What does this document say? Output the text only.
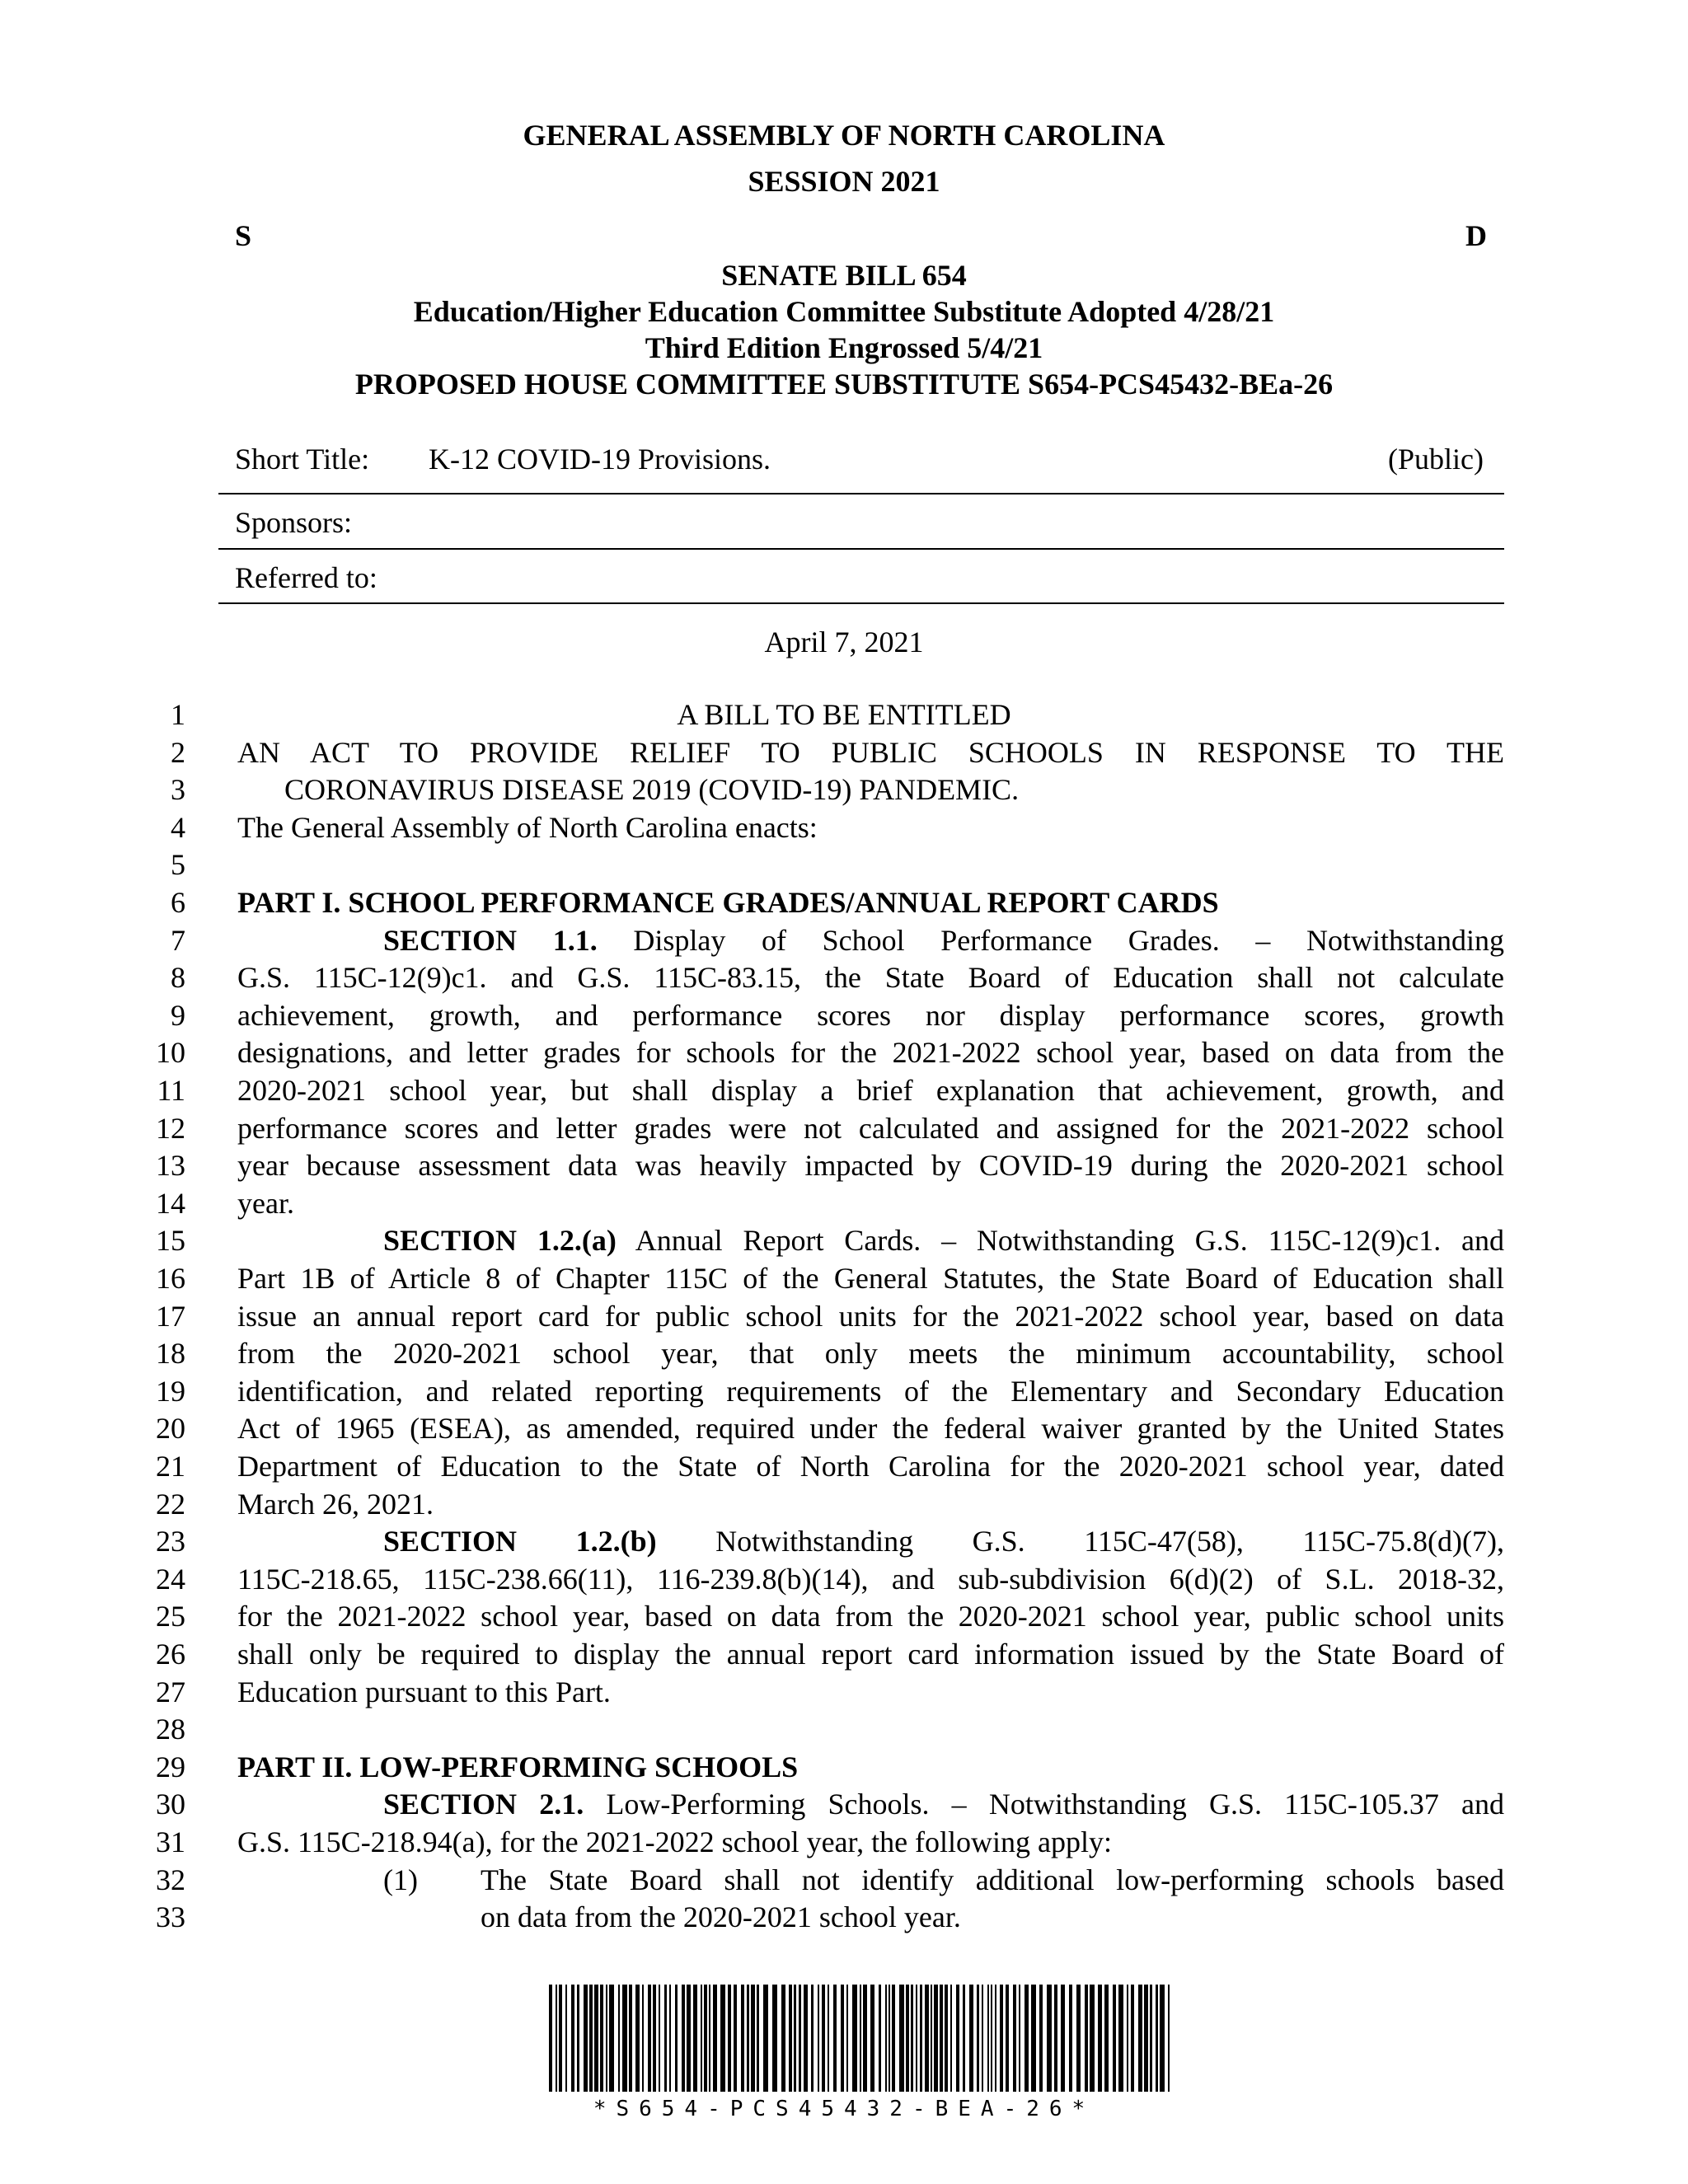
GENERAL ASSEMBLY OF NORTH CAROLINA
SESSION 2021
S	D
SENATE BILL 654
Education/Higher Education Committee Substitute Adopted 4/28/21
Third Edition Engrossed 5/4/21
PROPOSED HOUSE COMMITTEE SUBSTITUTE S654-PCS45432-BEa-26
Short Title: K-12 COVID-19 Provisions.	(Public)
Sponsors:
Referred to:
April 7, 2021
1	A BILL TO BE ENTITLED
2 AN ACT TO PROVIDE RELIEF TO PUBLIC SCHOOLS IN RESPONSE TO THE
3	CORONAVIRUS DISEASE 2019 (COVID-19) PANDEMIC.
4 The General Assembly of North Carolina enacts:
5
6 PART I. SCHOOL PERFORMANCE GRADES/ANNUAL REPORT CARDS
7	SECTION 1.1. Display of School Performance Grades. – Notwithstanding
8 G.S. 115C-12(9)c1. and G.S. 115C-83.15, the State Board of Education shall not calculate
9 achievement, growth, and performance scores nor display performance scores, growth
10 designations, and letter grades for schools for the 2021-2022 school year, based on data from the
11 2020-2021 school year, but shall display a brief explanation that achievement, growth, and
12 performance scores and letter grades were not calculated and assigned for the 2021-2022 school
13 year because assessment data was heavily impacted by COVID-19 during the 2020-2021 school
14 year.
15	SECTION 1.2.(a) Annual Report Cards. – Notwithstanding G.S. 115C-12(9)c1. and
16 Part 1B of Article 8 of Chapter 115C of the General Statutes, the State Board of Education shall
17 issue an annual report card for public school units for the 2021-2022 school year, based on data
18 from the 2020-2021 school year, that only meets the minimum accountability, school
19 identification, and related reporting requirements of the Elementary and Secondary Education
20 Act of 1965 (ESEA), as amended, required under the federal waiver granted by the United States
21 Department of Education to the State of North Carolina for the 2020-2021 school year, dated
22 March 26, 2021.
23	SECTION 1.2.(b) Notwithstanding G.S. 115C-47(58), 115C-75.8(d)(7),
24 115C-218.65, 115C-238.66(11), 116-239.8(b)(14), and sub-subdivision 6(d)(2) of S.L. 2018-32,
25 for the 2021-2022 school year, based on data from the 2020-2021 school year, public school units
26 shall only be required to display the annual report card information issued by the State Board of
27 Education pursuant to this Part.
28
29 PART II. LOW-PERFORMING SCHOOLS
30	SECTION 2.1. Low-Performing Schools. – Notwithstanding G.S. 115C-105.37 and
31 G.S. 115C-218.94(a), for the 2021-2022 school year, the following apply:
32	(1) The State Board shall not identify additional low-performing schools based
33	on data from the 2020-2021 school year.
*S654-PCS45432-BEA-26*
